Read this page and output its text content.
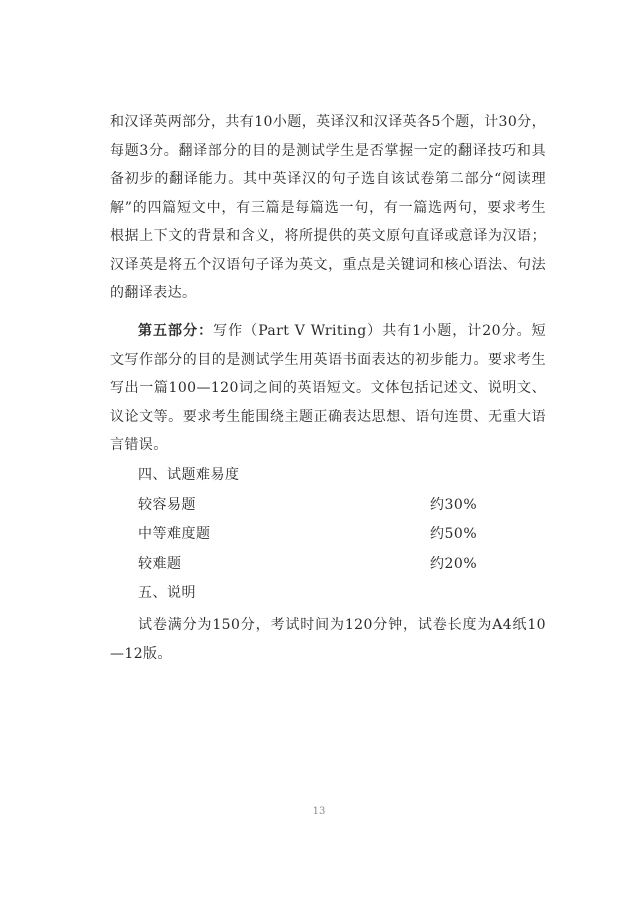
和汉译英两部分，共有10小题，英译汉和汉译英各5个题，计30分，每题3分。翻译部分的目的是测试学生是否掌握一定的翻译技巧和具备初步的翻译能力。其中英译汉的句子选自该试卷第二部分“阅读理解”的四篇短文中，有三篇是每篇选一句，有一篇选两句，要求考生根据上下文的背景和含义，将所提供的英文原句直译或意译为汉语；汉译英是将五个汉语句子译为英文，重点是关键词和核心语法、句法的翻译表达。
第五部分：写作（Part V Writing）共有1小题，计20分。短文写作部分的目的是测试学生用英语书面表达的初步能力。要求考生写出一篇100—120词之间的英语短文。文体包括记述文、说明文、议论文等。要求考生能围绕主题正确表达思想、语句连贯、无重大语言错误。
四、试题难易度
较容易题	约30%
中等难度题	约50%
较难题	约20%
五、说明
试卷满分为150分，考试时间为120分钟，试卷长度为A4纸10—12版。
13
